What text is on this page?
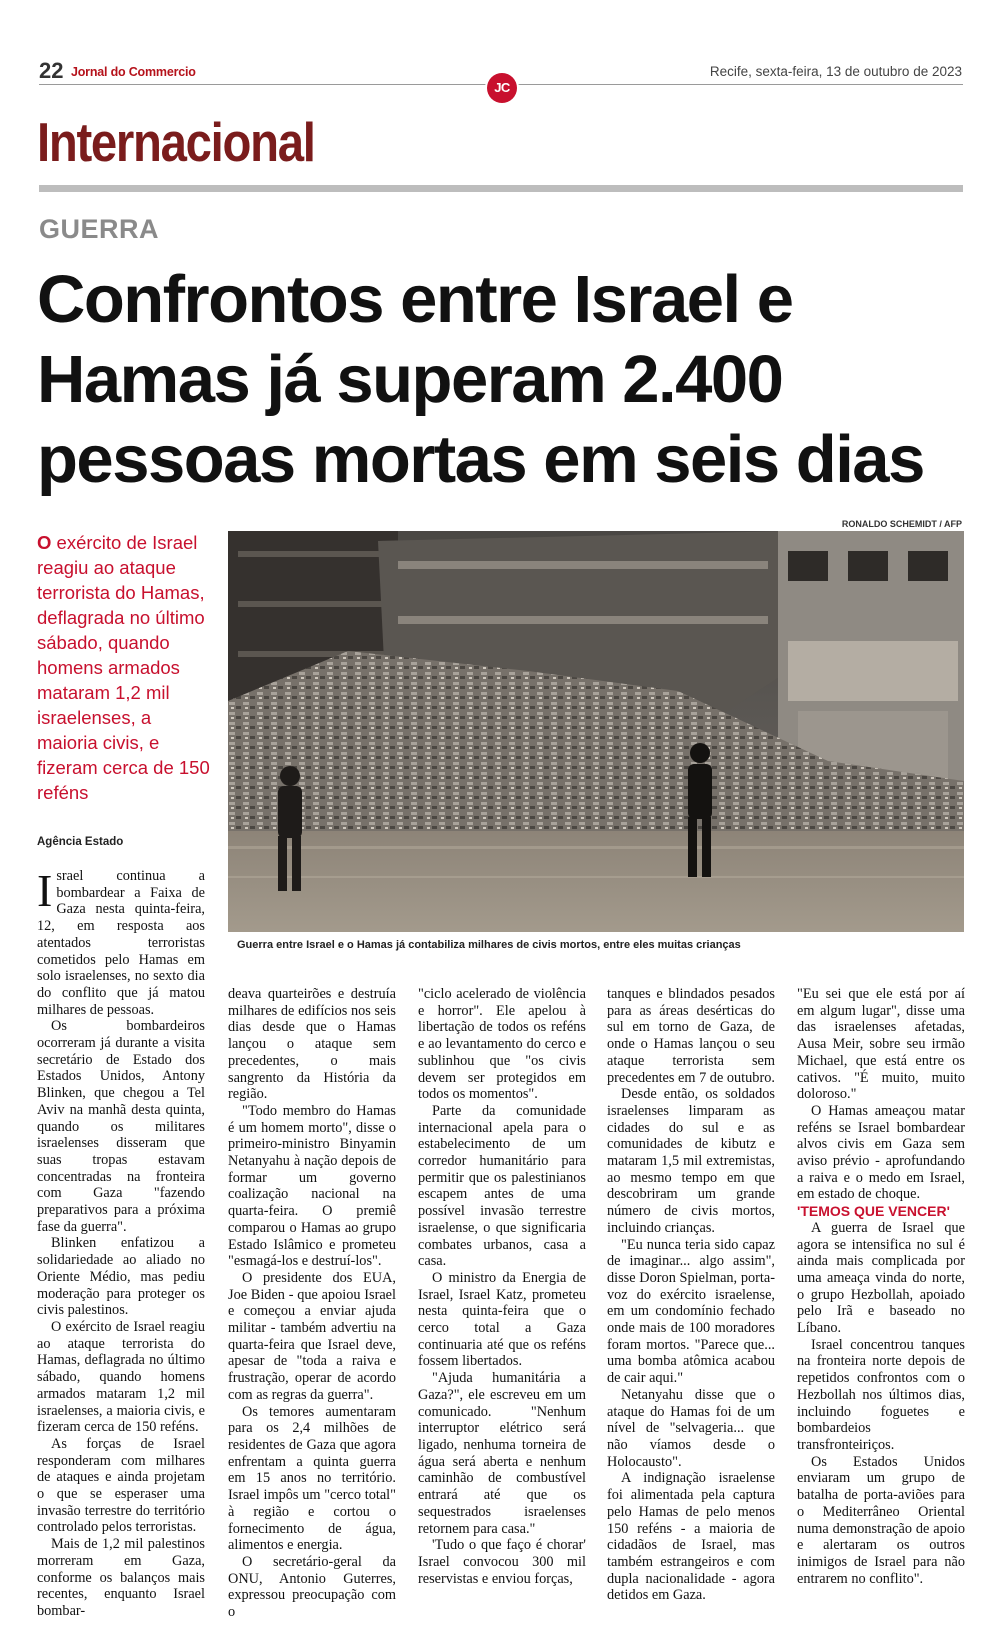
22 Jornal do Commercio	Recife, sexta-feira, 13 de outubro de 2023
JC
Internacional
GUERRA
Confrontos entre Israel e Hamas já superam 2.400 pessoas mortas em seis dias
RONALDO SCHEMIDT / AFP
O exército de Israel reagiu ao ataque terrorista do Hamas, deflagrada no último sábado, quando homens armados mataram 1,2 mil israelenses, a maioria civis, e fizeram cerca de 150 reféns
Guerra entre Israel e o Hamas já contabiliza milhares de civis mortos, entre eles muitas crianças
Agência Estado

Israel continua a bombardear a Faixa de Gaza nesta quinta-feira, 12, em resposta aos atentados terroristas cometidos pelo Hamas em solo israelenses, no sexto dia do conflito que já matou milhares de pessoas.

Os bombardeiros ocorreram já durante a visita secretário de Estado dos Estados Unidos, Antony Blinken, que chegou a Tel Aviv na manhã desta quinta, quando os militares israelenses disseram que suas tropas estavam concentradas na fronteira com Gaza "fazendo preparativos para a próxima fase da guerra".

Blinken enfatizou a solidariedade ao aliado no Oriente Médio, mas pediu moderação para proteger os civis palestinos.

O exército de Israel reagiu ao ataque terrorista do Hamas, deflagrada no último sábado, quando homens armados mataram 1,2 mil israelenses, a maioria civis, e fizeram cerca de 150 reféns.

As forças de Israel responderam com milhares de ataques e ainda projetam o que se esperaser uma invasão terrestre do território controlado pelos terroristas.

Mais de 1,2 mil palestinos morreram em Gaza, conforme os balanços mais recentes, enquanto Israel bombar-

deava quarteirões e destruía milhares de edifícios nos seis dias desde que o Hamas lançou o ataque sem precedentes, o mais sangrento da História da região.

"Todo membro do Hamas é um homem morto", disse o primeiro-ministro Binyamin Netanyahu à nação depois de formar um governo coalização nacional na quarta-feira. O premiê comparou o Hamas ao grupo Estado Islâmico e prometeu "esmagá-los e destruí-los".

O presidente dos EUA, Joe Biden - que apoiou Israel e começou a enviar ajuda militar - também advertiu na quarta-feira que Israel deve, apesar de "toda a raiva e frustração, operar de acordo com as regras da guerra".

Os temores aumentaram para os 2,4 milhões de residentes de Gaza que agora enfrentam a quinta guerra em 15 anos no território. Israel impôs um "cerco total" à região e cortou o fornecimento de água, alimentos e energia.

O secretário-geral da ONU, Antonio Guterres, expressou preocupação com o

"ciclo acelerado de violência e horror". Ele apelou à libertação de todos os reféns e ao levantamento do cerco e sublinhou que "os civis devem ser protegidos em todos os momentos".

Parte da comunidade internacional apela para o estabelecimento de um corredor humanitário para permitir que os palestinianos escapem antes de uma possível invasão terrestre israelense, o que significaria combates urbanos, casa a casa.

O ministro da Energia de Israel, Israel Katz, prometeu nesta quinta-feira que o cerco total a Gaza continuaria até que os reféns fossem libertados.

"Ajuda humanitária a Gaza?", ele escreveu em um comunicado. "Nenhum interruptor elétrico será ligado, nenhuma torneira de água será aberta e nenhum caminhão de combustível entrará até que os sequestrados israelenses retornem para casa."

'Tudo o que faço é chorar' Israel convocou 300 mil reservistas e enviou forças,

tanques e blindados pesados para as áreas desérticas do sul em torno de Gaza, de onde o Hamas lançou o seu ataque terrorista sem precedentes em 7 de outubro.

Desde então, os soldados israelenses limparam as cidades do sul e as comunidades de kibutz e mataram 1,5 mil extremistas, ao mesmo tempo em que descobriram um grande número de civis mortos, incluindo crianças.

"Eu nunca teria sido capaz de imaginar... algo assim", disse Doron Spielman, porta-voz do exército israelense, em um condomínio fechado onde mais de 100 moradores foram mortos. "Parece que... uma bomba atômica acabou de cair aqui."

Netanyahu disse que o ataque do Hamas foi de um nível de "selvageria... que não víamos desde o Holocausto".

A indignação israelense foi alimentada pela captura pelo Hamas de pelo menos 150 reféns - a maioria de cidadãos de Israel, mas também estrangeiros e com dupla nacionalidade - agora detidos em Gaza.

"Eu sei que ele está por aí em algum lugar", disse uma das israelenses afetadas, Ausa Meir, sobre seu irmão Michael, que está entre os cativos. "É muito, muito doloroso."

O Hamas ameaçou matar reféns se Israel bombardear alvos civis em Gaza sem aviso prévio - aprofundando a raiva e o medo em Israel, em estado de choque.

'TEMOS QUE VENCER'

A guerra de Israel que agora se intensifica no sul é ainda mais complicada por uma ameaça vinda do norte, o grupo Hezbollah, apoiado pelo Irã e baseado no Líbano.

Israel concentrou tanques na fronteira norte depois de repetidos confrontos com o Hezbollah nos últimos dias, incluindo foguetes e bombardeios transfronteiriços.

Os Estados Unidos enviaram um grupo de batalha de porta-aviões para o Mediterrâneo Oriental numa demonstração de apoio e alertaram os outros inimigos de Israel para não entrarem no conflito".
